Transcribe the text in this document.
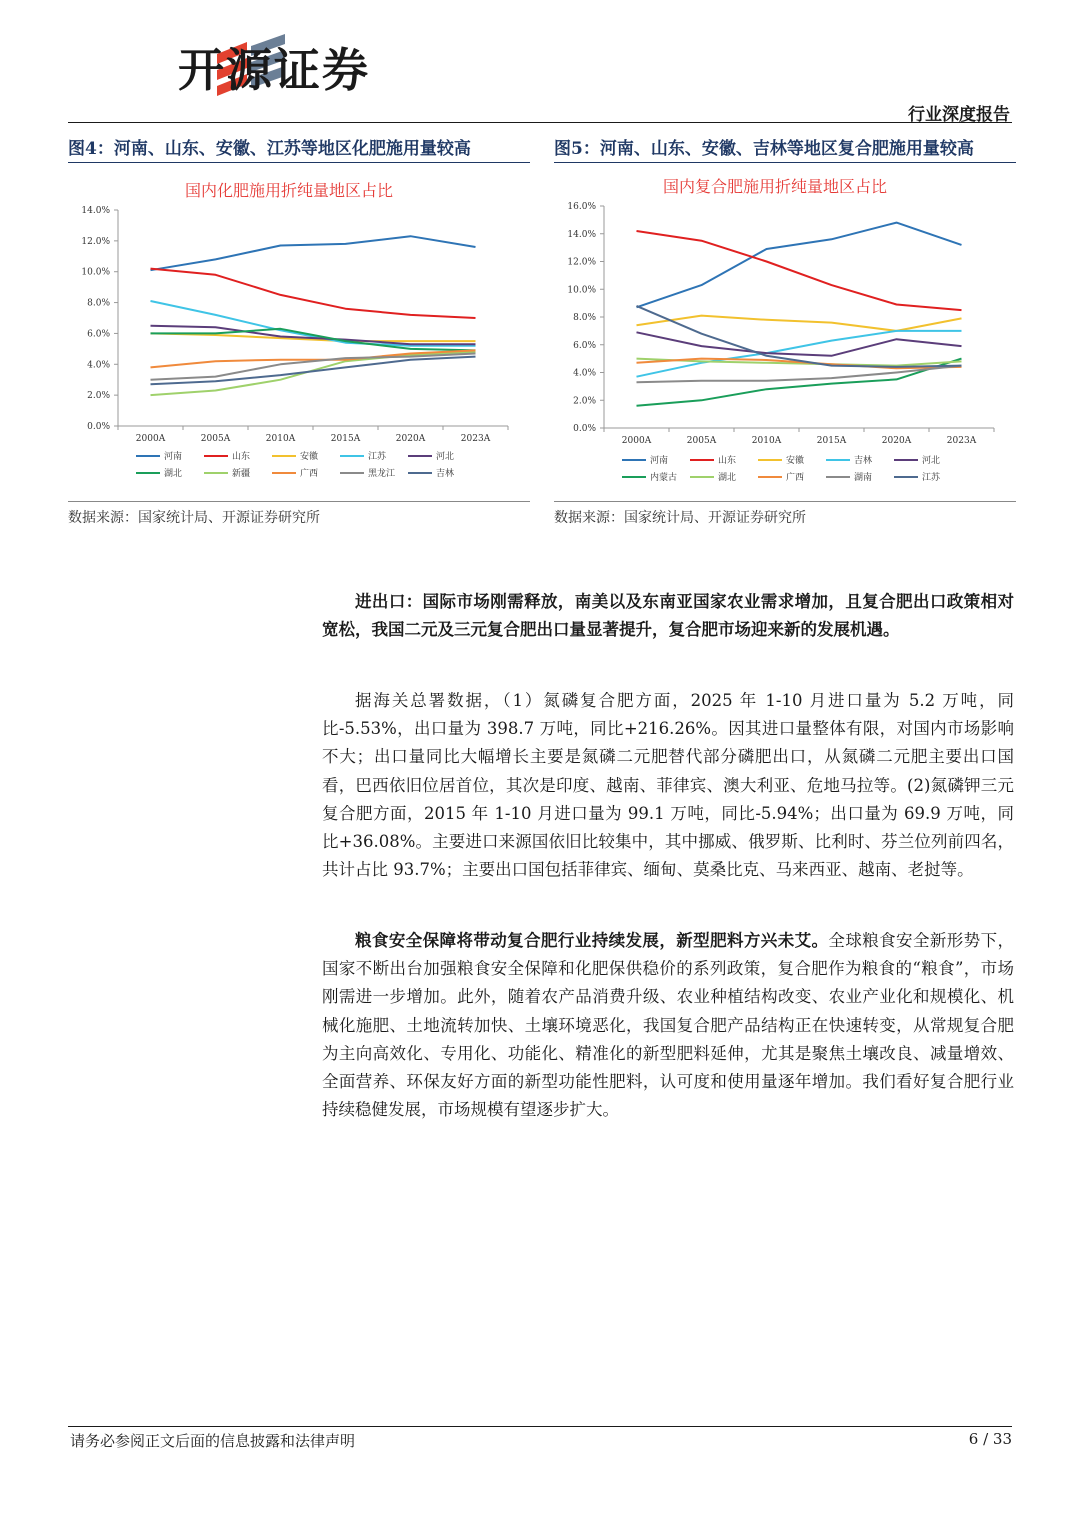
开源证券
行业深度报告
图4：河南、山东、安徽、江苏等地区化肥施用量较高
国内化肥施用折纯量地区占比
0.0%
2.0%
4.0%
6.0%
8.0%
10.0%
12.0%
14.0%
2000A	2005A	2010A	2015A	2020A	2023A
河南	山东	安徽	江苏	河北
湖北	新疆	广西	黑龙江	吉林
数据来源：国家统计局、开源证券研究所
图5：河南、山东、安徽、吉林等地区复合肥施用量较高
国内复合肥施用折纯量地区占比
0.0%
2.0%
4.0%
6.0%
8.0%
10.0%
12.0%
14.0%
16.0%
2000A	2005A	2010A	2015A	2020A	2023A
河南	山东	安徽	吉林	河北
内蒙古	湖北	广西	湖南	江苏
数据来源：国家统计局、开源证券研究所

进出口：国际市场刚需释放，南美以及东南亚国家农业需求增加，且复合肥出口政策相对宽松，我国二元及三元复合肥出口量显著提升，复合肥市场迎来新的发展机遇。

据海关总署数据，（1）氮磷复合肥方面，2025 年 1-10 月进口量为 5.2 万吨，同比-5.53%，出口量为 398.7 万吨，同比+216.26%。因其进口量整体有限，对国内市场影响不大；出口量同比大幅增长主要是氮磷二元肥替代部分磷肥出口，从氮磷二元肥主要出口国看，巴西依旧位居首位，其次是印度、越南、菲律宾、澳大利亚、危地马拉等。(2)氮磷钾三元复合肥方面，2015 年 1-10 月进口量为 99.1 万吨，同比-5.94%；出口量为 69.9 万吨，同比+36.08%。主要进口来源国依旧比较集中，其中挪威、俄罗斯、比利时、芬兰位列前四名，共计占比 93.7%；主要出口国包括菲律宾、缅甸、莫桑比克、马来西亚、越南、老挝等。

粮食安全保障将带动复合肥行业持续发展，新型肥料方兴未艾。全球粮食安全新形势下，国家不断出台加强粮食安全保障和化肥保供稳价的系列政策，复合肥作为粮食的“粮食”，市场刚需进一步增加。此外，随着农产品消费升级、农业种植结构改变、农业产业化和规模化、机械化施肥、土地流转加快、土壤环境恶化，我国复合肥产品结构正在快速转变，从常规复合肥为主向高效化、专用化、功能化、精准化的新型肥料延伸，尤其是聚焦土壤改良、减量增效、全面营养、环保友好方面的新型功能性肥料，认可度和使用量逐年增加。我们看好复合肥行业持续稳健发展，市场规模有望逐步扩大。

请务必参阅正文后面的信息披露和法律声明	6 / 33
